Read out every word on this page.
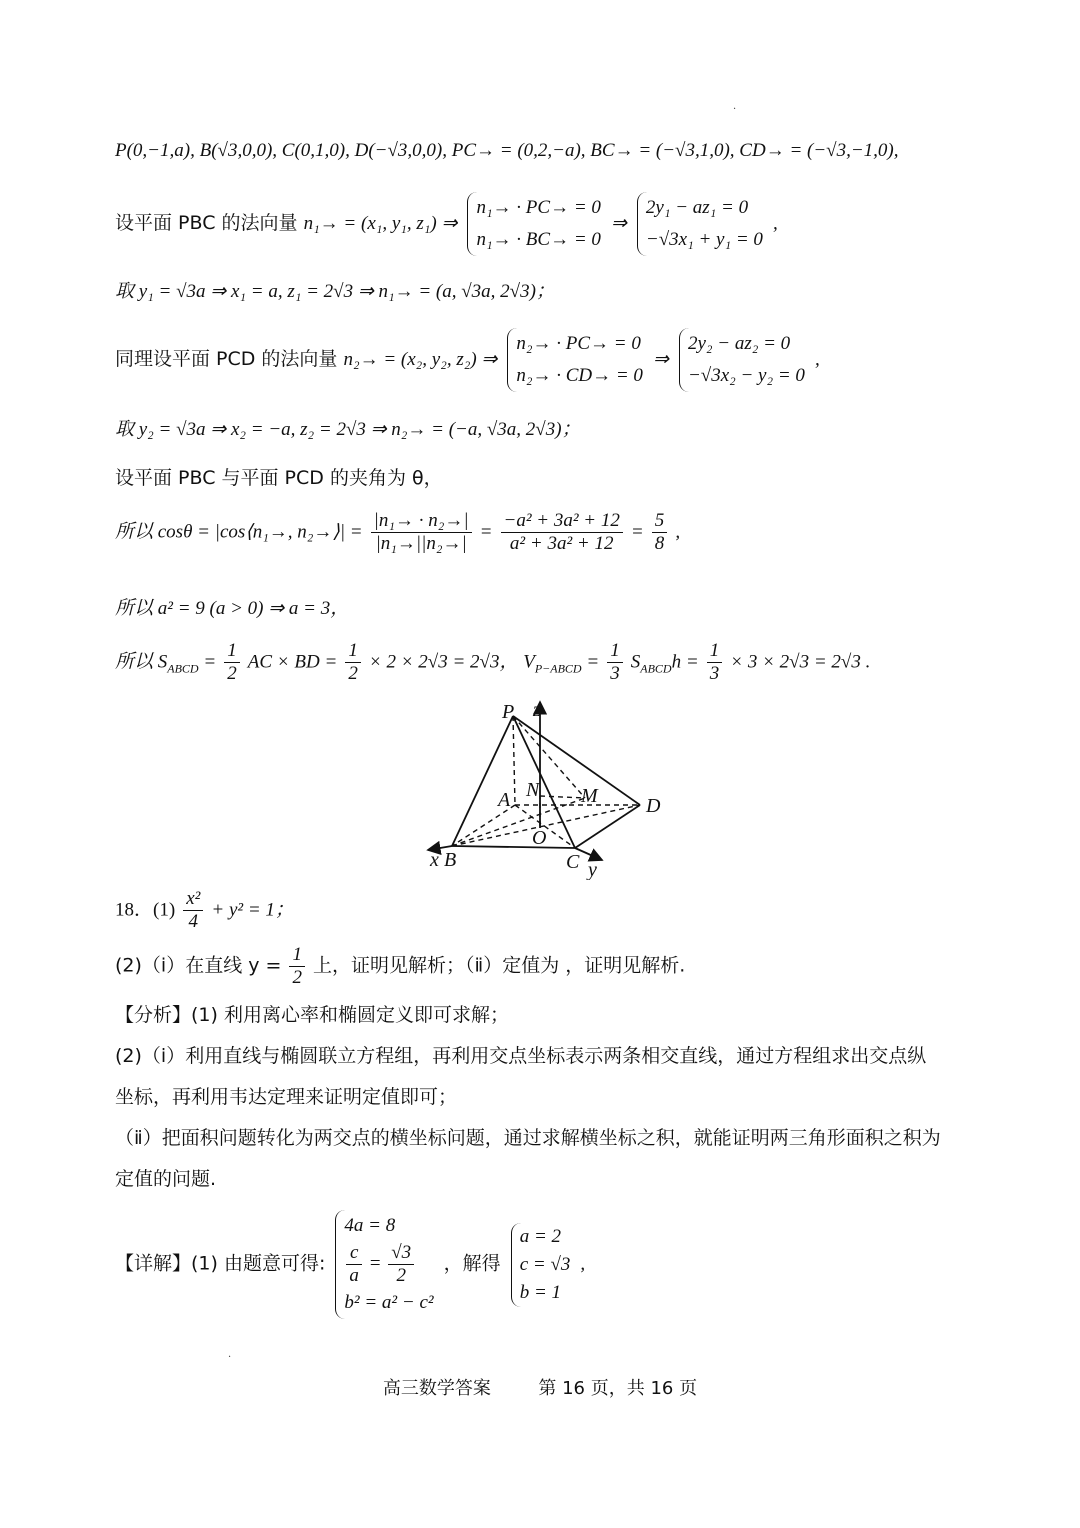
·
P(0,−1,a), B(√3,0,0), C(0,1,0), D(−√3,0,0), PC→ = (0,2,−a), BC→ = (−√3,1,0), CD→ = (−√3,−1,0),
设平面 PBC 的法向量 n₁→ = (x₁, y₁, z₁) ⇒
n₁→ · PC→ = 0
n₁→ · BC→ = 0
⇒
2y₁ − az₁ = 0
−√3x₁ + y₁ = 0
,
取 y₁ = √3a ⇒ x₁ = a, z₁ = 2√3 ⇒ n₁→ = (a, √3a, 2√3)；
同理设平面 PCD 的法向量 n₂→ = (x₂, y₂, z₂) ⇒
n₂→ · PC→ = 0
n₂→ · CD→ = 0
⇒
2y₂ − az₂ = 0
−√3x₂ − y₂ = 0
,
取 y₂ = √3a ⇒ x₂ = −a, z₂ = 2√3 ⇒ n₂→ = (−a, √3a, 2√3)；
设平面 PBC 与平面 PCD 的夹角为 θ，
所以 cosθ = |cos⟨n₁→, n₂→⟩| = $\frac{\text{|n₁→ · n₂→|}}{\text{|n₁→||n₂→|}} = \frac{\text{−a² + 3a² + 12}}{\text{a² + 3a² + 12}} = \frac{5}{8}$ ,
所以 a² = 9 (a > 0) ⇒ a = 3，
所以 $S_{ABCD} = \frac{1}{2}$ AC × BD = $\frac{1}{2} \times 2 \times 2√3 = 2√3$， $V_{P-ABCD} = \frac{1}{3} S_{ABCD}h = \frac{1}{3} \times 3 \times 2√3 = 2√3$ .
P z
A N M D
O
x B	C y
18．$(1) \frac{\text{x²}}{4} + y^2 = 1$；
(2)（ⅰ）在直线 $y = \frac{1}{2}$ 上，证明见解析；（ⅱ）定值为 ，证明见解析.
【分析】(1) 利用离心率和椭圆定义即可求解；
(2)（ⅰ）利用直线与椭圆联立方程组，再利用交点坐标表示两条相交直线，通过方程组求出交点纵
坐标，再利用韦达定理来证明定值即可；
（ⅱ）把面积问题转化为两交点的横坐标问题，通过求解横坐标之积，就能证明两三角形面积之积为
定值的问题.
【详解】(1) 由题意可得:
4a = 8
$\frac{c}{a} = \frac{√3}{2}$
b² = a² − c²
，解得
a = 2
c = √3
b = 1
,
·
高三数学答案	第 16 页，共 16 页
